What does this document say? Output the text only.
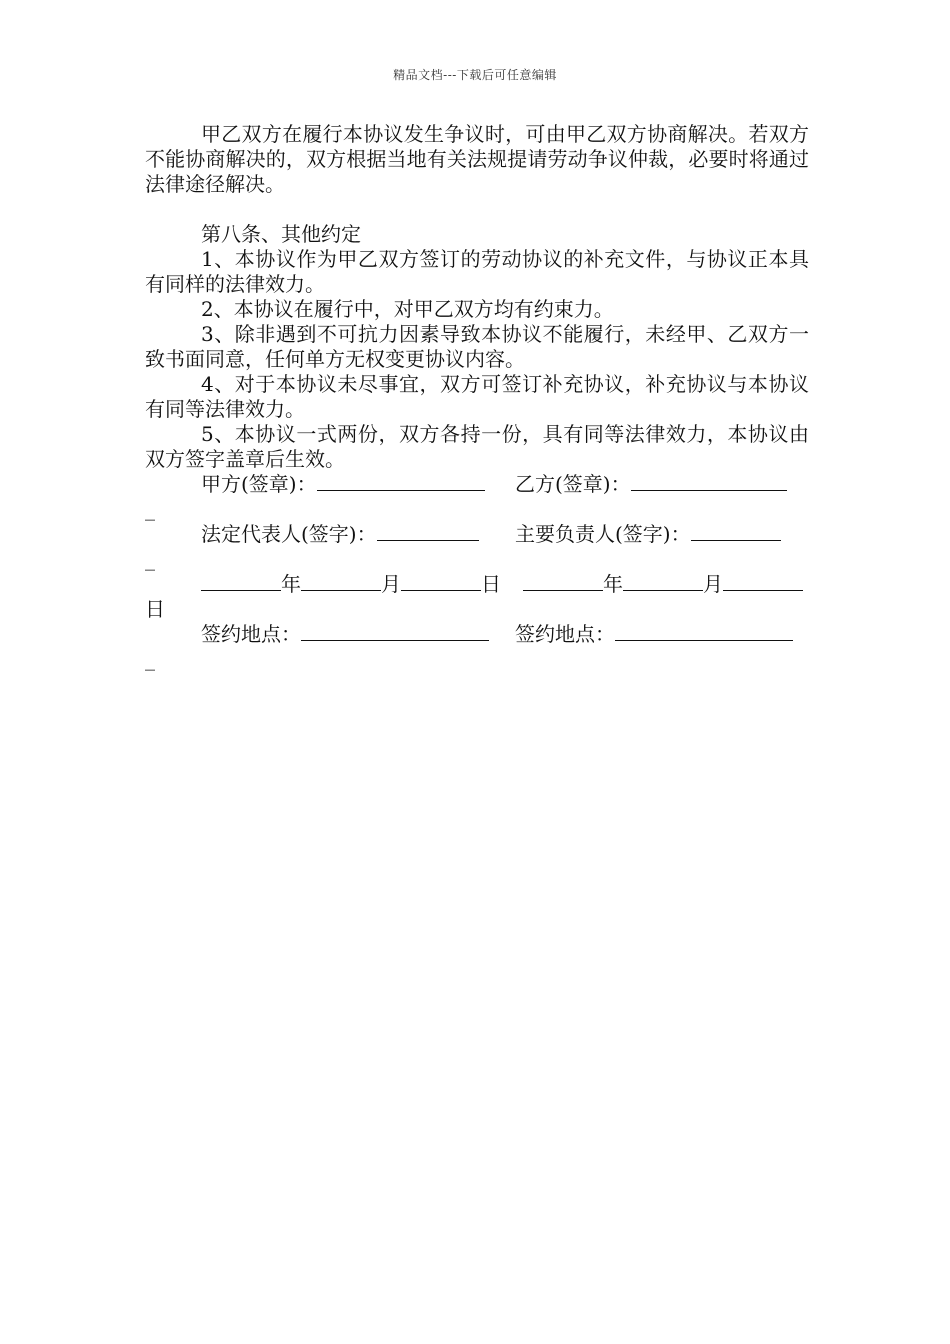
精品文档---下载后可任意编辑

甲乙双方在履行本协议发生争议时，可由甲乙双方协商解决。若双方不能协商解决的，双方根据当地有关法规提请劳动争议仲裁，必要时将通过法律途径解决。

第八条、其他约定

1、本协议作为甲乙双方签订的劳动协议的补充文件，与协议正本具有同样的法律效力。

2、本协议在履行中，对甲乙双方均有约束力。

3、除非遇到不可抗力因素导致本协议不能履行，未经甲、乙双方一致书面同意，任何单方无权变更协议内容。

4、对于本协议未尽事宜，双方可签订补充协议，补充协议与本协议有同等法律效力。

5、本协议一式两份，双方各持一份，具有同等法律效力，本协议由双方签字盖章后生效。

甲方(签章)：	乙方(签章)：
_
法定代表人(签字)：	主要负责人(签字)：
_
年	月	日	年	月
日
签约地点：	签约地点：
_
